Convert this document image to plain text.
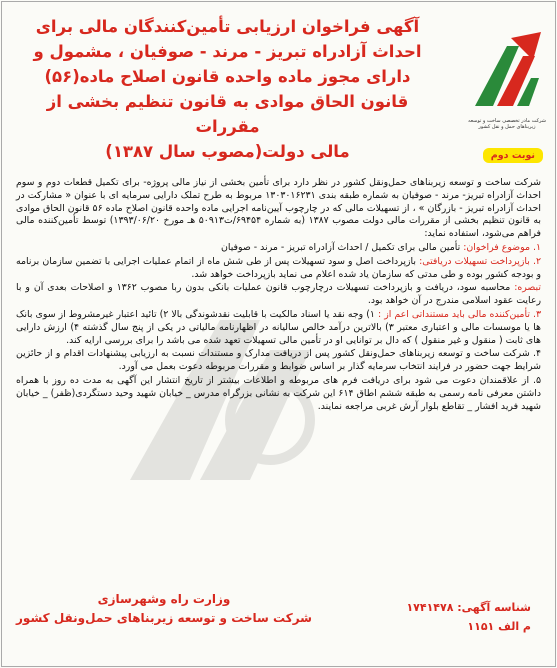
شرکت مادر تخصصی ساخت و توسعه زیربناهای حمل و نقل کشور
آگهی فراخوان ارزیابی تأمین‌کنندگان مالی برای
احداث آزادراه تبریز - مرند - صوفیان ، مشمول و
دارای مجوز ماده واحده قانون اصلاح ماده(۵۶)
قانون الحاق موادی به قانون تنظیم بخشی از مقررات
مالی دولت(مصوب سال ۱۳۸۷)	نوبت دوم

شرکت ساخت و توسعه زیربناهای حمل‌ونقل کشور در نظر دارد برای تأمین بخشی از نیاز مالی پروژه- برای تکمیل قطعات دوم و سوم احداث آزادراه تبریز- مرند - صوفیان به شماره طبقه بندی ۱۳۰۳۰۱۶۲۳۱ مربوط به طرح تملک دارایی سرمایه ای با عنوان « مشارکت در احداث آزادراه تبریز - بازرگان » ، از تسهیلات مالی که در چارچوب آیین‌نامه اجرایی ماده واحده قانون اصلاح ماده ۵۶ قانون الحاق موادی به قانون تنظیم بخشی از مقررات مالی دولت مصوب ۱۳۸۷ (به شماره ۶۹۴۵۴/ت۵۰۹۱۳ هـ مورخ ۱۳۹۳/۰۶/۲۰) توسط تأمین‌کننده مالی فراهم می‌شود، استفاده نماید:

۱. موضوع فراخوان: تأمین مالی برای تکمیل / احداث آزادراه تبریز - مرند - صوفیان

۲. بازپرداخت تسهیلات دریافتی: بازپرداخت اصل و سود تسهیلات پس از طی شش ماه از اتمام عملیات اجرایی با تضمین سازمان برنامه و بودجه کشور بوده و طی مدتی که سازمان یاد شده اعلام می نماید بازپرداخت خواهد شد.

تبصره: محاسبه سود، دریافت و بازپرداخت تسهیلات درچارچوب قانون عملیات بانکی بدون ربا مصوب ۱۳۶۲ و اصلاحات بعدی آن و با رعایت عقود اسلامی مندرج در آن خواهد بود.

۳. تأمین‌کننده مالی باید مستنداتی اعم از : ۱) وجه نقد یا اسناد مالکیت با قابلیت نقدشوندگی بالا ۲) تائید اعتبار غیرمشروط از سوی بانک ها یا موسسات مالی و اعتباری معتبر ۳) بالاترین درآمد خالص سالیانه در اظهارنامه مالیاتی در یکی از پنج سال گذشته ۴) ارزش دارایی های ثابت ( منقول و غیر منقول ) که دال بر توانایی او در تأمین مالی تسهیلات تعهد شده می باشد را برای بررسی ارایه کند.

۴. شرکت ساخت و توسعه زیربناهای حمل‌ونقل کشور پس از دریافت مدارک و مستندات نسبت به ارزیابی پیشنهادات اقدام و از حائزین شرایط جهت حضور در فرایند انتخاب سرمایه گذار بر اساس ضوابط و مقررات مربوطه دعوت بعمل می آورد.

۵. از علاقمندان دعوت می شود برای دریافت فرم های مربوطه و اطلاعات بیشتر از تاریخ انتشار این آگهی به مدت ده روز با همراه داشتن معرفی نامه رسمی به طبقه ششم اطاق ۶۱۴ این شرکت به نشانی بزرگراه مدرس _ خیابان شهید وحید دستگردی(ظفر) _ خیابان شهید فرید افشار _ تقاطع بلوار آرش غربی مراجعه نمایند.

وزارت راه وشهرسازی
شرکت ساخت و توسعه زیربناهای حمل‌ونقل کشور
شناسه آگهی: ۱۷۴۱۴۷۸
م الف ۱۱۵۱
